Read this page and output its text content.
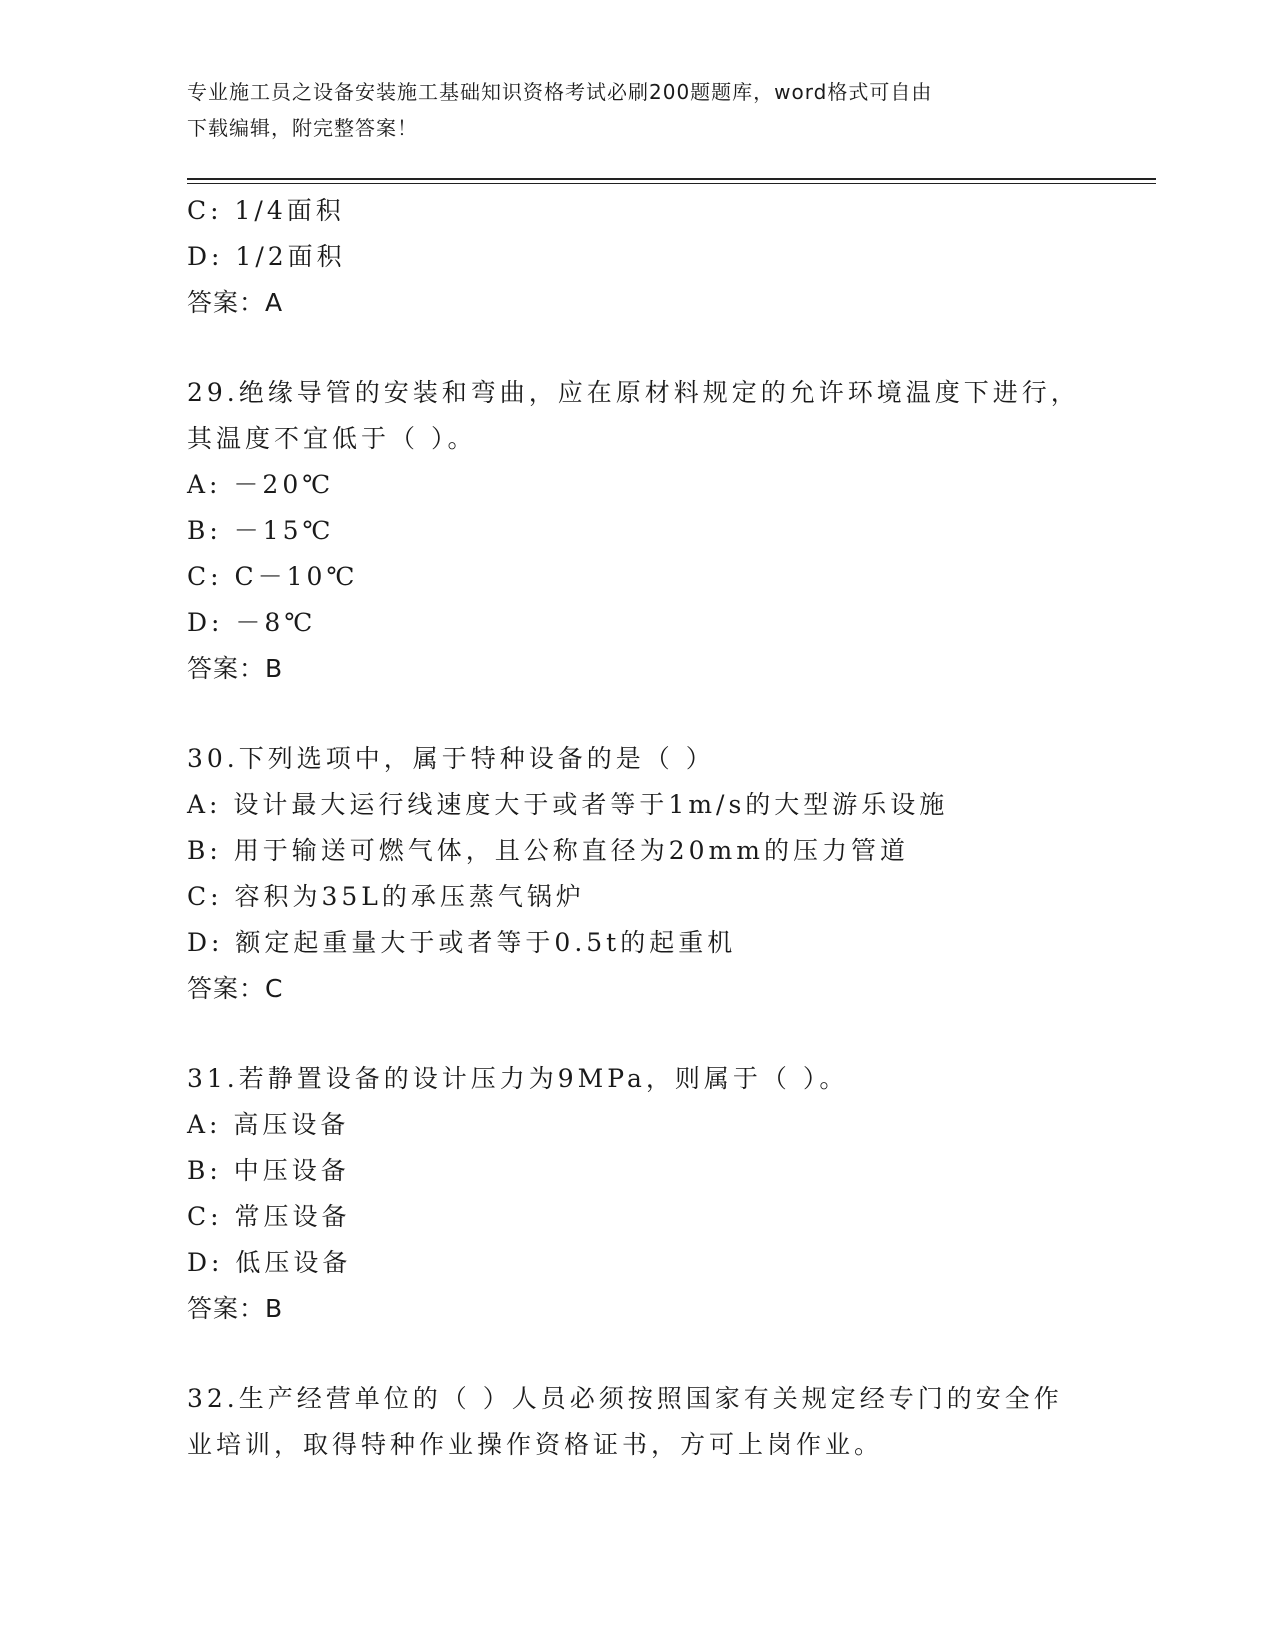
专业施工员之设备安装施工基础知识资格考试必刷200题题库，word格式可自由
下载编辑，附完整答案！
C: 1/4面积
D: 1/2面积
答案：A
29.绝缘导管的安装和弯曲，应在原材料规定的允许环境温度下进行，
其温度不宜低于（ ）。
A: －20℃
B: －15℃
C: C－10℃
D: －8℃
答案：B
30.下列选项中，属于特种设备的是（ ）
A: 设计最大运行线速度大于或者等于1m/s的大型游乐设施
B: 用于输送可燃气体，且公称直径为20mm的压力管道
C: 容积为35L的承压蒸气锅炉
D: 额定起重量大于或者等于0.5t的起重机
答案：C
31.若静置设备的设计压力为9MPa，则属于（ ）。
A: 高压设备
B: 中压设备
C: 常压设备
D: 低压设备
答案：B
32.生产经营单位的（ ）人员必须按照国家有关规定经专门的安全作
业培训，取得特种作业操作资格证书，方可上岗作业。
